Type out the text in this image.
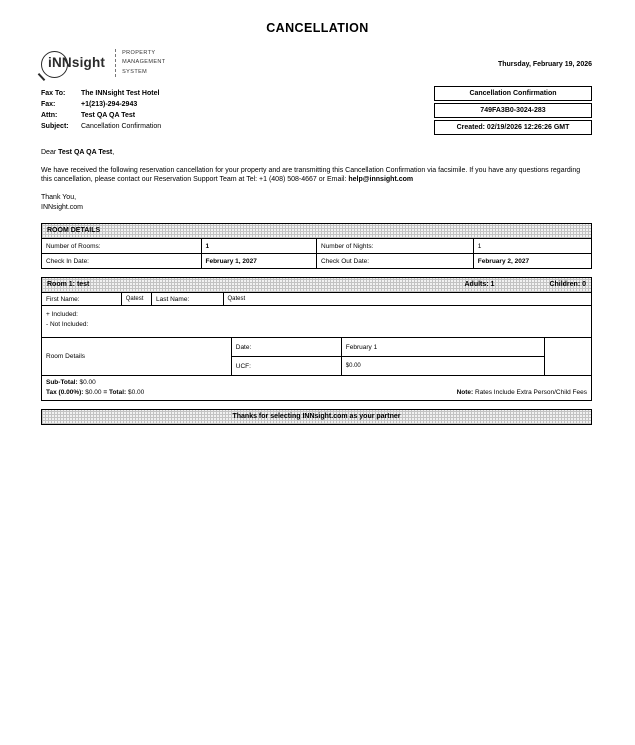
CANCELLATION
iNNsight
PROPERTY
MANAGEMENT
SYSTEM
Thursday, February 19, 2026
Fax To:	The INNsight Test Hotel
Fax:	+1(213)-294-2943
Attn:	Test QA QA Test
Subject:	Cancellation Confirmation
Cancellation Confirmation
749FA3B0-3024-283
Created: 02/19/2026 12:26:26 GMT
Dear Test QA QA Test,
We have received the following reservation cancellation for your property and are transmitting this Cancellation Confirmation via facsimile. If you have any questions regarding this cancellation, please contact our Reservation Support Team at Tel: +1 (408) 508-4667 or Email: help@innsight.com
Thank You,
INNsight.com
ROOM DETAILS
Number of Rooms:	1	Number of Nights:	1
Check In Date:	February 1, 2027	Check Out Date:	February 2, 2027
Room 1: test	Adults: 1	Children: 0
First Name:	Qatest	Last Name:	Qatest
+ Included:
- Not Included:
Room Details	Date:	February 1	
	UCF:	$0.00	
Sub-Total: $0.00
Tax (0.00%): $0.00 = Total: $0.00	Note: Rates Include Extra Person/Child Fees
Thanks for selecting INNsight.com as your partner
